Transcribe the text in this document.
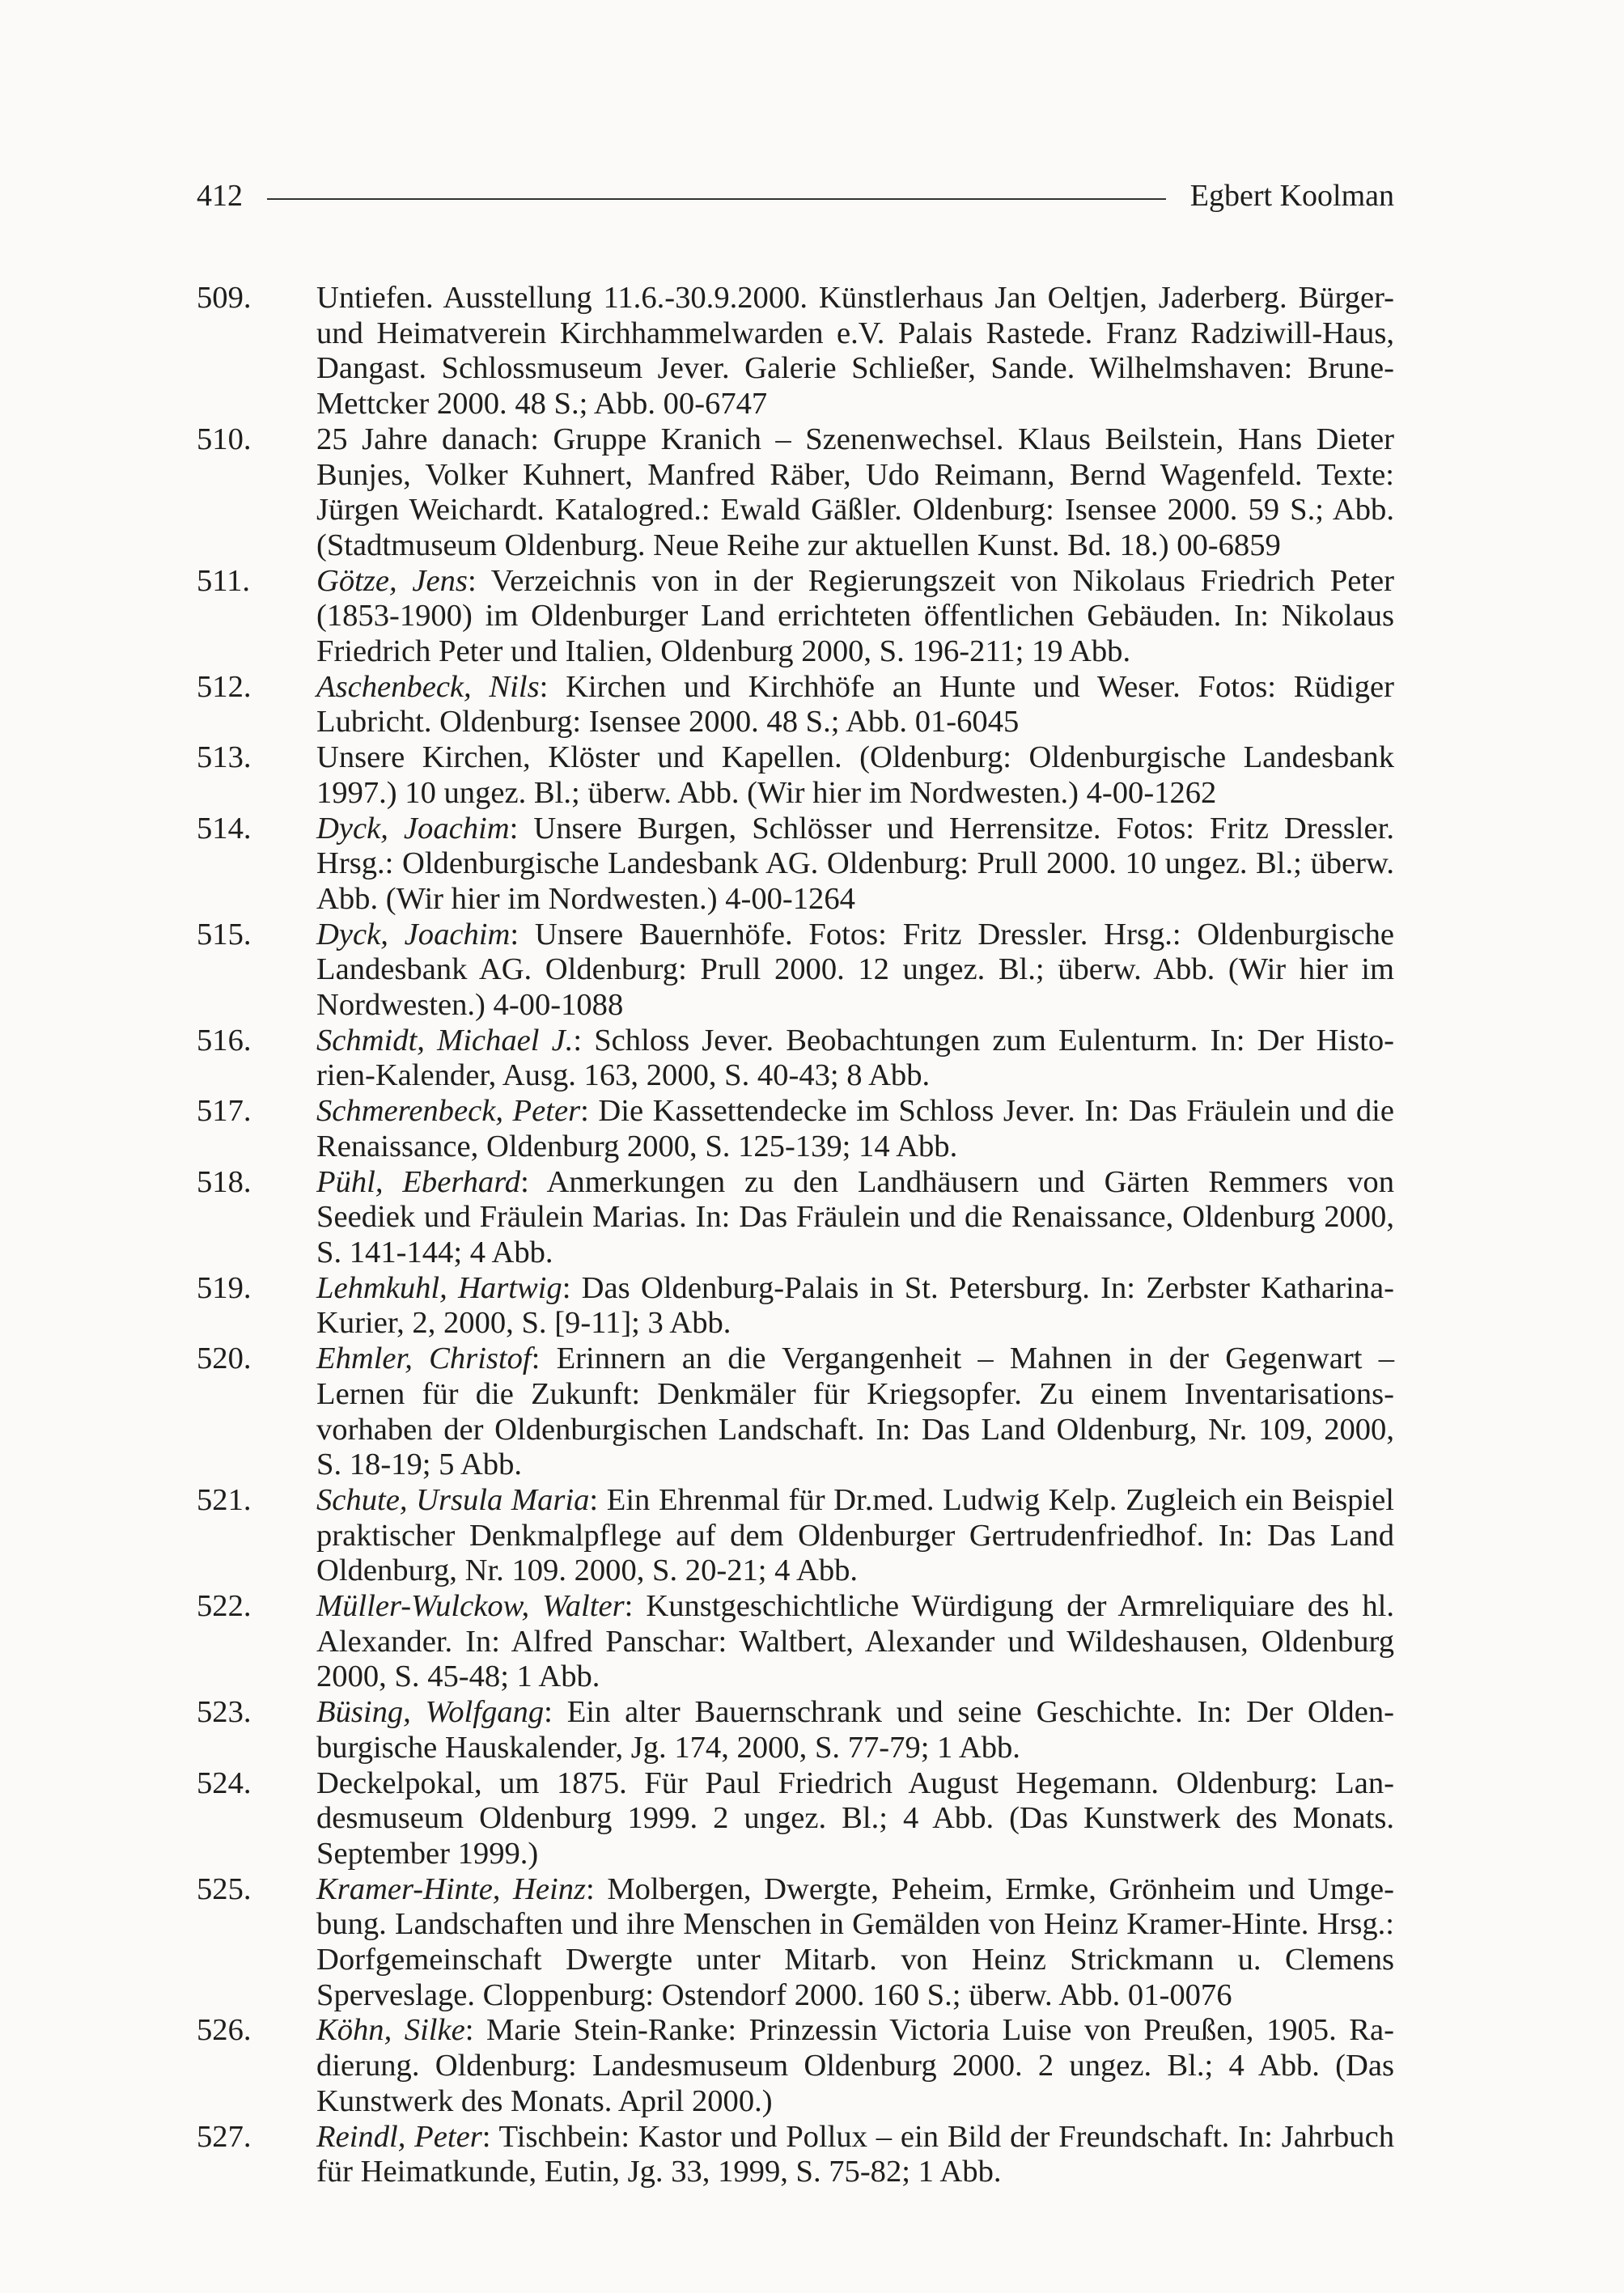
412	Egbert Koolman
509.	Untiefen. Ausstellung 11.6.-30.9.2000. Künstlerhaus Jan Oeltjen, Jaderberg. Bürger- und Heimatverein Kirchhammelwarden e.V. Palais Rastede. Franz Radziwill-Haus, Dangast. Schlossmuseum Jever. Galerie Schließer, Sande. Wilhelmshaven: Brune-Mettcker 2000. 48 S.; Abb. 00-6747
510.	25 Jahre danach: Gruppe Kranich – Szenenwechsel. Klaus Beilstein, Hans Dieter Bunjes, Volker Kuhnert, Manfred Räber, Udo Reimann, Bernd Wagenfeld. Texte: Jürgen Weichardt. Katalogred.: Ewald Gäßler. Oldenburg: Isensee 2000. 59 S.; Abb. (Stadtmuseum Oldenburg. Neue Reihe zur aktuellen Kunst. Bd. 18.) 00-6859
511.	Götze, Jens: Verzeichnis von in der Regierungszeit von Nikolaus Friedrich Peter (1853-1900) im Oldenburger Land errichteten öffentlichen Gebäuden. In: Nikolaus Friedrich Peter und Italien, Oldenburg 2000, S. 196-211; 19 Abb.
512.	Aschenbeck, Nils: Kirchen und Kirchhöfe an Hunte und Weser. Fotos: Rüdiger Lubricht. Oldenburg: Isensee 2000. 48 S.; Abb. 01-6045
513.	Unsere Kirchen, Klöster und Kapellen. (Oldenburg: Oldenburgische Landesbank 1997.) 10 ungez. Bl.; überw. Abb. (Wir hier im Nordwesten.) 4-00-1262
514.	Dyck, Joachim: Unsere Burgen, Schlösser und Herrensitze. Fotos: Fritz Dressler. Hrsg.: Oldenburgische Landesbank AG. Oldenburg: Prull 2000. 10 ungez. Bl.; überw. Abb. (Wir hier im Nordwesten.) 4-00-1264
515.	Dyck, Joachim: Unsere Bauernhöfe. Fotos: Fritz Dressler. Hrsg.: Oldenburgische Landesbank AG. Oldenburg: Prull 2000. 12 ungez. Bl.; überw. Abb. (Wir hier im Nordwesten.) 4-00-1088
516.	Schmidt, Michael J.: Schloss Jever. Beobachtungen zum Eulenturm. In: Der Historien-Kalender, Ausg. 163, 2000, S. 40-43; 8 Abb.
517.	Schmerenbeck, Peter: Die Kassettendecke im Schloss Jever. In: Das Fräulein und die Renaissance, Oldenburg 2000, S. 125-139; 14 Abb.
518.	Pühl, Eberhard: Anmerkungen zu den Landhäusern und Gärten Remmers von Seediek und Fräulein Marias. In: Das Fräulein und die Renaissance, Oldenburg 2000, S. 141-144; 4 Abb.
519.	Lehmkuhl, Hartwig: Das Oldenburg-Palais in St. Petersburg. In: Zerbster Katharina-Kurier, 2, 2000, S. [9-11]; 3 Abb.
520.	Ehmler, Christof: Erinnern an die Vergangenheit – Mahnen in der Gegenwart – Lernen für die Zukunft: Denkmäler für Kriegsopfer. Zu einem Inventarisationsvorhaben der Oldenburgischen Landschaft. In: Das Land Oldenburg, Nr. 109, 2000, S. 18-19; 5 Abb.
521.	Schute, Ursula Maria: Ein Ehrenmal für Dr.med. Ludwig Kelp. Zugleich ein Beispiel praktischer Denkmalpflege auf dem Oldenburger Gertrudenfriedhof. In: Das Land Oldenburg, Nr. 109. 2000, S. 20-21; 4 Abb.
522.	Müller-Wulckow, Walter: Kunstgeschichtliche Würdigung der Armreliquiare des hl. Alexander. In: Alfred Panschar: Waltbert, Alexander und Wildeshausen, Oldenburg 2000, S. 45-48; 1 Abb.
523.	Büsing, Wolfgang: Ein alter Bauernschrank und seine Geschichte. In: Der Oldenburgische Hauskalender, Jg. 174, 2000, S. 77-79; 1 Abb.
524.	Deckelpokal, um 1875. Für Paul Friedrich August Hegemann. Oldenburg: Landesmuseum Oldenburg 1999. 2 ungez. Bl.; 4 Abb. (Das Kunstwerk des Monats. September 1999.)
525.	Kramer-Hinte, Heinz: Molbergen, Dwergte, Peheim, Ermke, Grönheim und Umgebung. Landschaften und ihre Menschen in Gemälden von Heinz Kramer-Hinte. Hrsg.: Dorfgemeinschaft Dwergte unter Mitarb. von Heinz Strickmann u. Clemens Sperveslage. Cloppenburg: Ostendorf 2000. 160 S.; überw. Abb. 01-0076
526.	Köhn, Silke: Marie Stein-Ranke: Prinzessin Victoria Luise von Preußen, 1905. Radierung. Oldenburg: Landesmuseum Oldenburg 2000. 2 ungez. Bl.; 4 Abb. (Das Kunstwerk des Monats. April 2000.)
527.	Reindl, Peter: Tischbein: Kastor und Pollux – ein Bild der Freundschaft. In: Jahrbuch für Heimatkunde, Eutin, Jg. 33, 1999, S. 75-82; 1 Abb.
